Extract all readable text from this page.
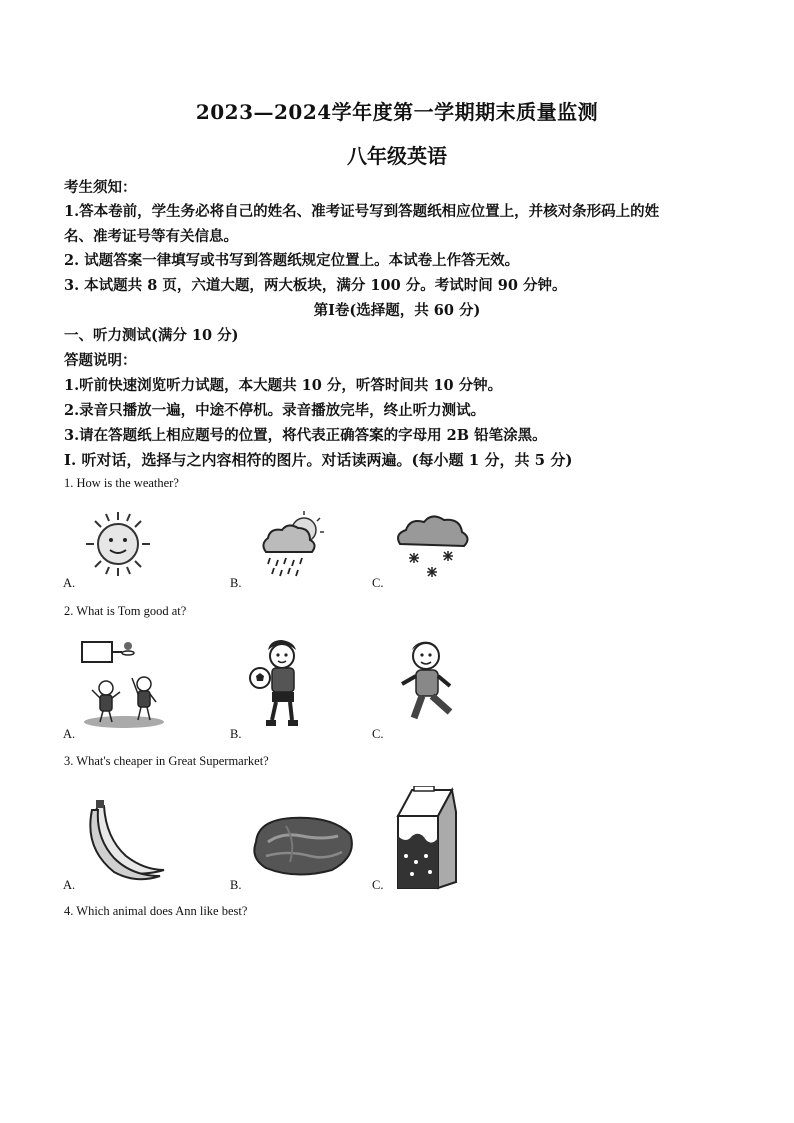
2023—2024学年度第一学期期末质量监测
八年级英语
考生须知：
1.答本卷前，学生务必将自己的姓名、准考证号写到答题纸相应位置上，并核对条形码上的姓
名、准考证号等有关信息。
2. 试题答案一律填写或书写到答题纸规定位置上。本试卷上作答无效。
3. 本试题共 8 页，六道大题，两大板块，满分 100 分。考试时间 90 分钟。
第Ⅰ卷(选择题，共 60 分)
一、听力测试(满分 10 分)
答题说明：
1.听前快速浏览听力试题，本大题共 10 分，听答时间共 10 分钟。
2.录音只播放一遍，中途不停机。录音播放完毕，终止听力测试。
3.请在答题纸上相应题号的位置，将代表正确答案的字母用 2B 铅笔涂黑。
I. 听对话，选择与之内容相符的图片。对话读两遍。(每小题 1 分，共 5 分)
1. How is the weather?
A.	B.	C.
2. What is Tom good at?
A.	B.	C.
3. What's cheaper in Great Supermarket?
A.	B.	C.
4. Which animal does Ann like best?
